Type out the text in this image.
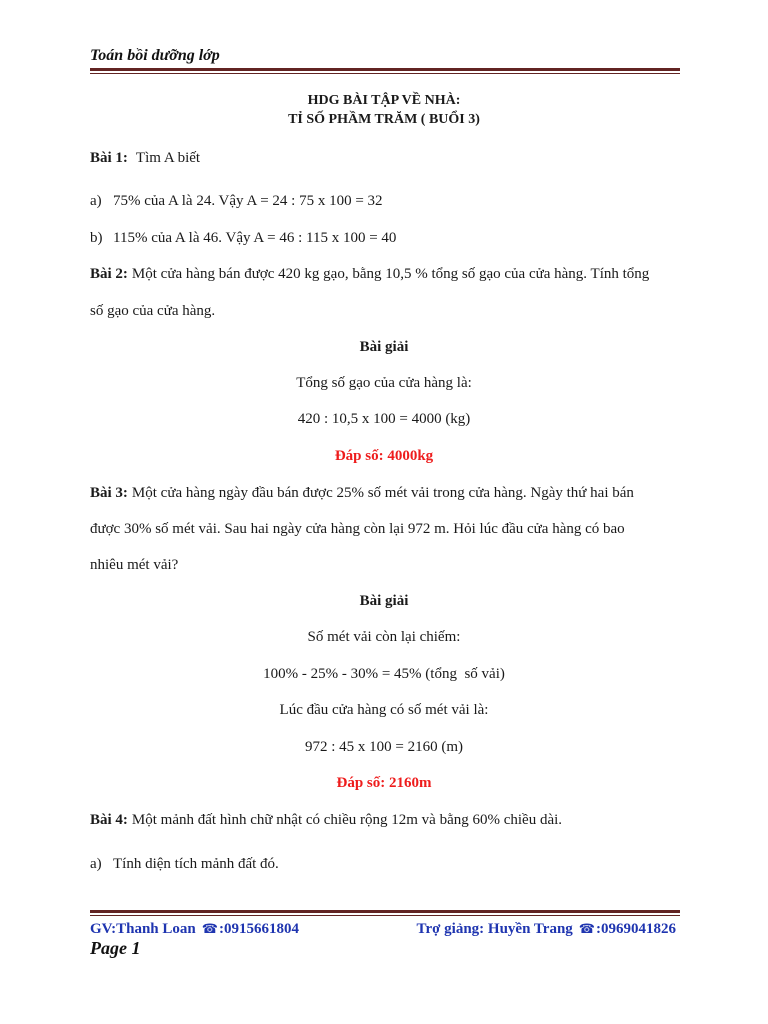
Toán bồi dưỡng lớp
HDG BÀI TẬP VỀ NHÀ:
TỈ SỐ PHẦM TRĂM ( BUỔI 3)
Bài 1: Tìm A biết
a) 75% của A là 24. Vậy A = 24 : 75 x 100 = 32
b) 115% của A là 46. Vậy A = 46 : 115 x 100 = 40
Bài 2: Một cửa hàng bán được 420 kg gạo, bằng 10,5 % tổng số gạo của cửa hàng. Tính tổng
số gạo của cửa hàng.
Bài giải
Tổng số gạo của cửa hàng là:
420 : 10,5 x 100 = 4000 (kg)
Đáp số: 4000kg
Bài 3: Một cửa hàng ngày đầu bán được 25% số mét vải trong cửa hàng. Ngày thứ hai bán
được 30% số mét vải. Sau hai ngày cửa hàng còn lại 972 m. Hỏi lúc đầu cửa hàng có bao
nhiêu mét vải?
Bài giải
Số mét vải còn lại chiếm:
100% - 25% - 30% = 45% (tổng  số vải)
Lúc đầu cửa hàng có số mét vải là:
972 : 45 x 100 = 2160 (m)
Đáp số: 2160m
Bài 4: Một mảnh đất hình chữ nhật có chiều rộng 12m và bằng 60% chiều dài.
a) Tính diện tích mảnh đất đó.
GV:Thanh Loan ☎ :0915661804	Trợ giảng: Huyền Trang ☎ :0969041826
Page 1
